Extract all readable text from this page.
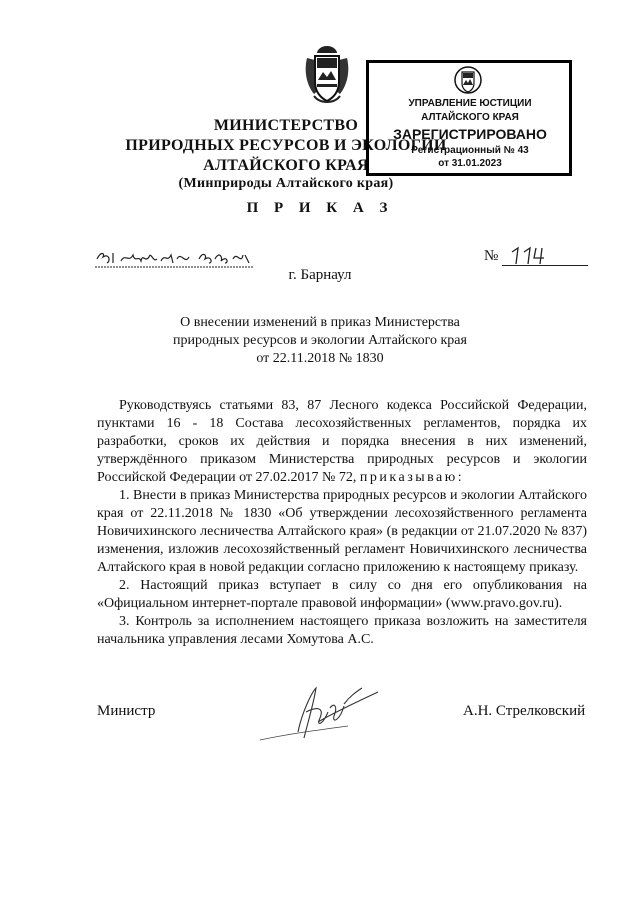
МИНИСТЕРСТВО
ПРИРОДНЫХ РЕСУРСОВ И ЭКОЛОГИИ
АЛТАЙСКОГО КРАЯ
(Минприроды Алтайского края)
УПРАВЛЕНИЕ ЮСТИЦИИ
АЛТАЙСКОГО КРАЯ
ЗАРЕГИСТРИРОВАНО
Регистрационный № 43
от 31.01.2023
П Р И К А З
№
г. Барнаул
О внесении изменений в приказ Министерства
природных ресурсов и экологии Алтайского края
от 22.11.2018 № 1830

Руководствуясь статьями 83, 87 Лесного кодекса Российской Федерации, пунктами 16 - 18 Состава лесохозяйственных регламентов, порядка их разработки, сроков их действия и порядка внесения в них изменений, утверждённого приказом Министерства природных ресурсов и экологии Российской Федерации от 27.02.2017 № 72, приказываю:

1. Внести в приказ Министерства природных ресурсов и экологии Алтайского края от 22.11.2018 № 1830 «Об утверждении лесохозяйственного регламента Новичихинского лесничества Алтайского края» (в редакции от 21.07.2020 № 837) изменения, изложив лесохозяйственный регламент Новичихинского лесничества Алтайского края в новой редакции согласно приложению к настоящему приказу.

2. Настоящий приказ вступает в силу со дня его опубликования на «Официальном интернет-портале правовой информации» (www.pravo.gov.ru).

3. Контроль за исполнением настоящего приказа возложить на заместителя начальника управления лесами Хомутова А.С.

Министр	А.Н. Стрелковский
